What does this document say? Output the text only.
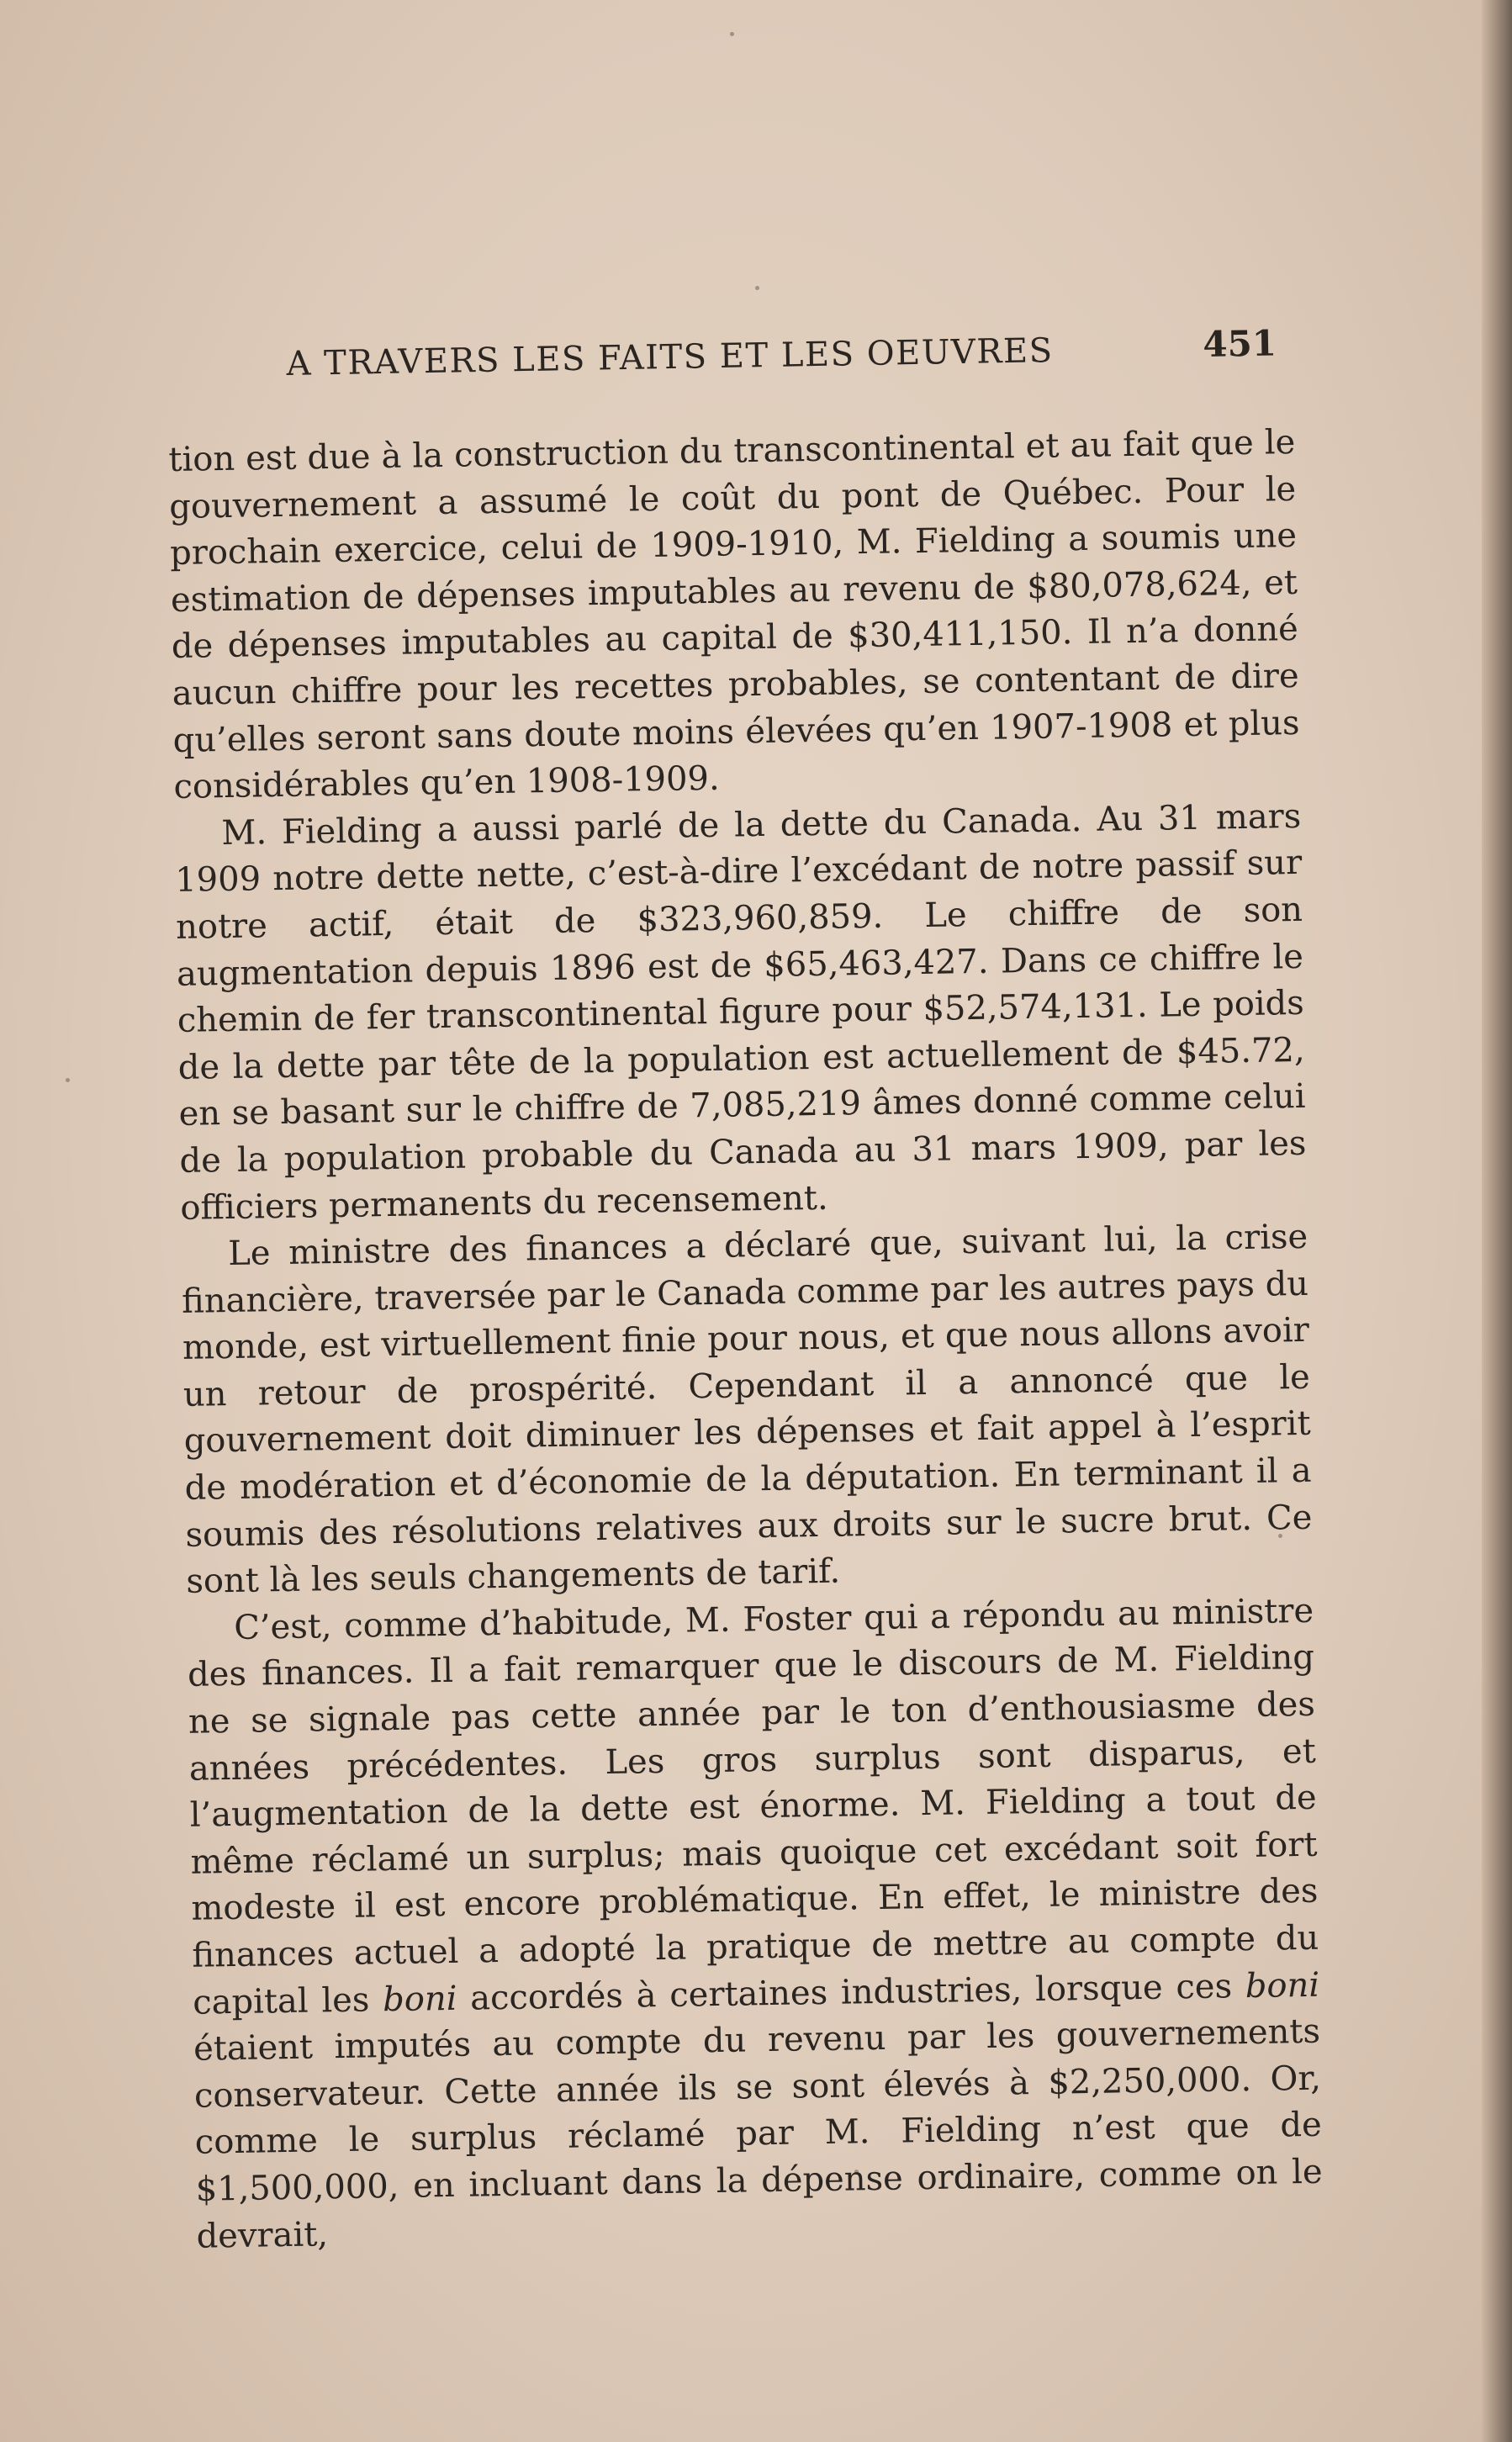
A TRAVERS LES FAITS ET LES OEUVRES	451

tion est due à la construction du transcontinental et au fait que le gouvernement a assumé le coût du pont de Québec. Pour le prochain exercice, celui de 1909-1910, M. Fielding a soumis une estimation de dépenses imputables au revenu de $80,078,624, et de dépenses imputables au capital de $30,411,150. Il n’a donné aucun chiffre pour les recettes probables, se contentant de dire qu’elles seront sans doute moins élevées qu’en 1907-1908 et plus considérables qu’en 1908-1909.

M. Fielding a aussi parlé de la dette du Canada. Au 31 mars 1909 notre dette nette, c’est-à-dire l’excédant de notre passif sur notre actif, était de $323,960,859. Le chiffre de son augmentation depuis 1896 est de $65,463,427. Dans ce chiffre le chemin de fer transcontinental figure pour $52,574,131. Le poids de la dette par tête de la population est actuellement de $45.72, en se basant sur le chiffre de 7,085,219 âmes donné comme celui de la population probable du Canada au 31 mars 1909, par les officiers permanents du recensement.

Le ministre des finances a déclaré que, suivant lui, la crise financière, traversée par le Canada comme par les autres pays du monde, est virtuellement finie pour nous, et que nous allons avoir un retour de prospérité. Cependant il a annoncé que le gouvernement doit diminuer les dépenses et fait appel à l’esprit de modération et d’économie de la députation. En terminant il a soumis des résolutions relatives aux droits sur le sucre brut. Ce sont là les seuls changements de tarif.

C’est, comme d’habitude, M. Foster qui a répondu au ministre des finances. Il a fait remarquer que le discours de M. Fielding ne se signale pas cette année par le ton d’enthousiasme des années précédentes. Les gros surplus sont disparus, et l’augmentation de la dette est énorme. M. Fielding a tout de même réclamé un surplus; mais quoique cet excédant soit fort modeste il est encore problématique. En effet, le ministre des finances actuel a adopté la pratique de mettre au compte du capital les boni accordés à certaines industries, lorsque ces boni étaient imputés au compte du revenu par les gouvernements conservateur. Cette année ils se sont élevés à $2,250,000. Or, comme le surplus réclamé par M. Fielding n’est que de $1,500,000, en incluant dans la dépense ordinaire, comme on le devrait,
